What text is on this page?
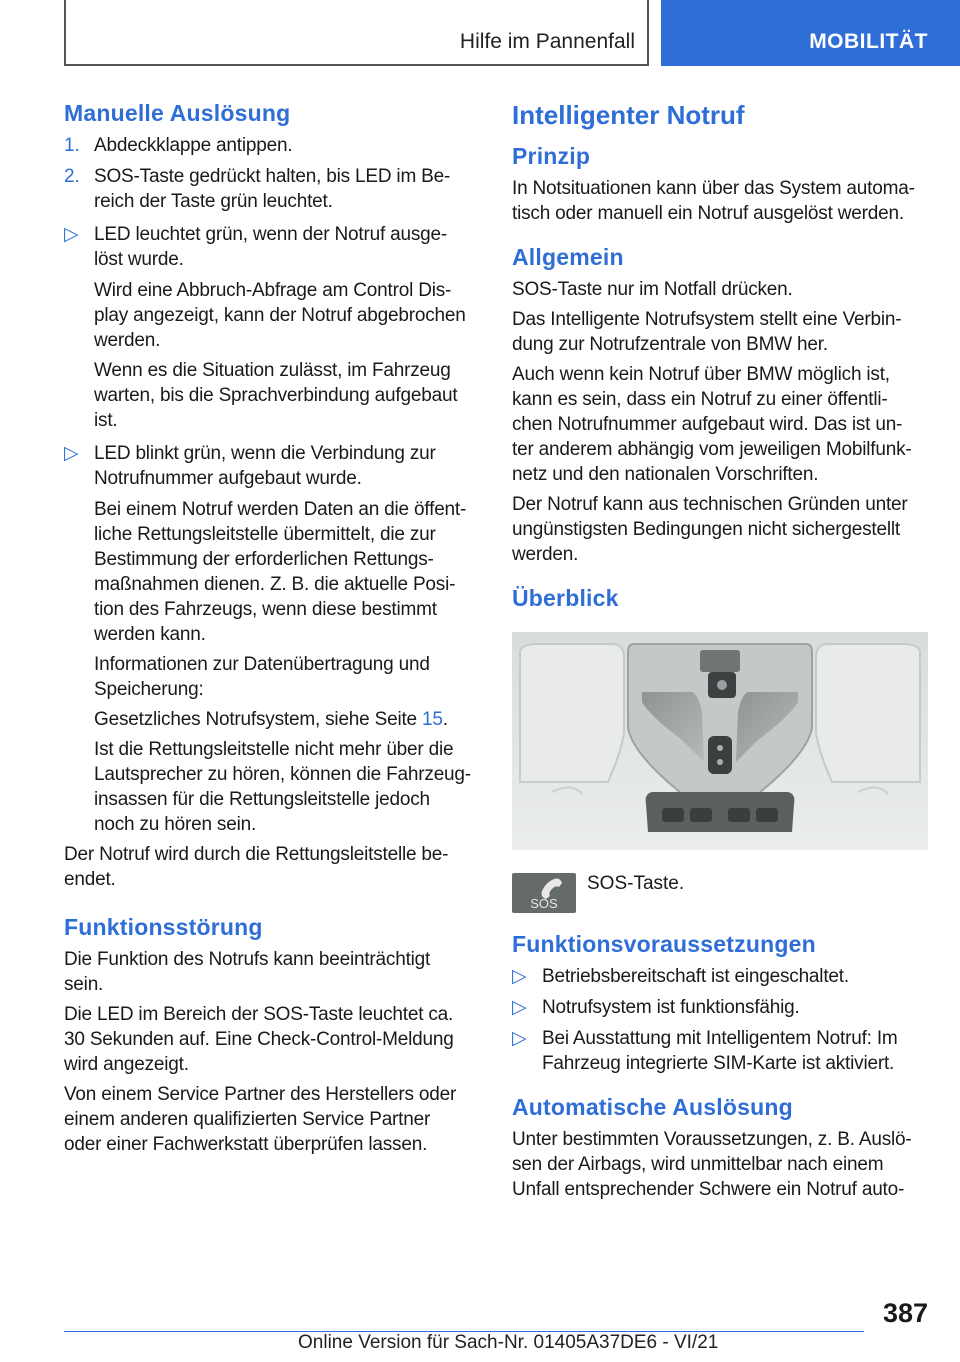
Hilfe im Pannenfall	MOBILITÄT
Manuelle Auslösung
1. Abdeckklappe antippen.
2. SOS-Taste gedrückt halten, bis LED im Be-
reich der Taste grün leuchtet.
▷ LED leuchtet grün, wenn der Notruf ausge-
löst wurde.
Wird eine Abbruch-Abfrage am Control Dis-
play angezeigt, kann der Notruf abgebrochen
werden.
Wenn es die Situation zulässt, im Fahrzeug
warten, bis die Sprachverbindung aufgebaut
ist.
▷ LED blinkt grün, wenn die Verbindung zur
Notrufnummer aufgebaut wurde.
Bei einem Notruf werden Daten an die öffent-
liche Rettungsleitstelle übermittelt, die zur
Bestimmung der erforderlichen Rettungs-
maßnahmen dienen. Z. B. die aktuelle Posi-
tion des Fahrzeugs, wenn diese bestimmt
werden kann.
Informationen zur Datenübertragung und
Speicherung:
Gesetzliches Notrufsystem, siehe Seite 15.
Ist die Rettungsleitstelle nicht mehr über die
Lautsprecher zu hören, können die Fahrzeug-
insassen für die Rettungsleitstelle jedoch
noch zu hören sein.
Der Notruf wird durch die Rettungsleitstelle be-
endet.
Funktionsstörung
Die Funktion des Notrufs kann beeinträchtigt
sein.
Die LED im Bereich der SOS-Taste leuchtet ca.
30 Sekunden auf. Eine Check-Control-Meldung
wird angezeigt.
Von einem Service Partner des Herstellers oder
einem anderen qualifizierten Service Partner
oder einer Fachwerkstatt überprüfen lassen.
Intelligenter Notruf
Prinzip
In Notsituationen kann über das System automa-
tisch oder manuell ein Notruf ausgelöst werden.
Allgemein
SOS-Taste nur im Notfall drücken.
Das Intelligente Notrufsystem stellt eine Verbin-
dung zur Notrufzentrale von BMW her.
Auch wenn kein Notruf über BMW möglich ist,
kann es sein, dass ein Notruf zu einer öffentli-
chen Notrufnummer aufgebaut wird. Das ist un-
ter anderem abhängig vom jeweiligen Mobilfunk-
netz und den nationalen Vorschriften.
Der Notruf kann aus technischen Gründen unter
ungünstigsten Bedingungen nicht sichergestellt
werden.
Überblick
SOS
SOS-Taste.
Funktionsvoraussetzungen
▷ Betriebsbereitschaft ist eingeschaltet.
▷ Notrufsystem ist funktionsfähig.
▷ Bei Ausstattung mit Intelligentem Notruf: Im
Fahrzeug integrierte SIM-Karte ist aktiviert.
Automatische Auslösung
Unter bestimmten Voraussetzungen, z. B. Auslö-
sen der Airbags, wird unmittelbar nach einem
Unfall entsprechender Schwere ein Notruf auto-
387
Online Version für Sach-Nr. 01405A37DE6 - VI/21
